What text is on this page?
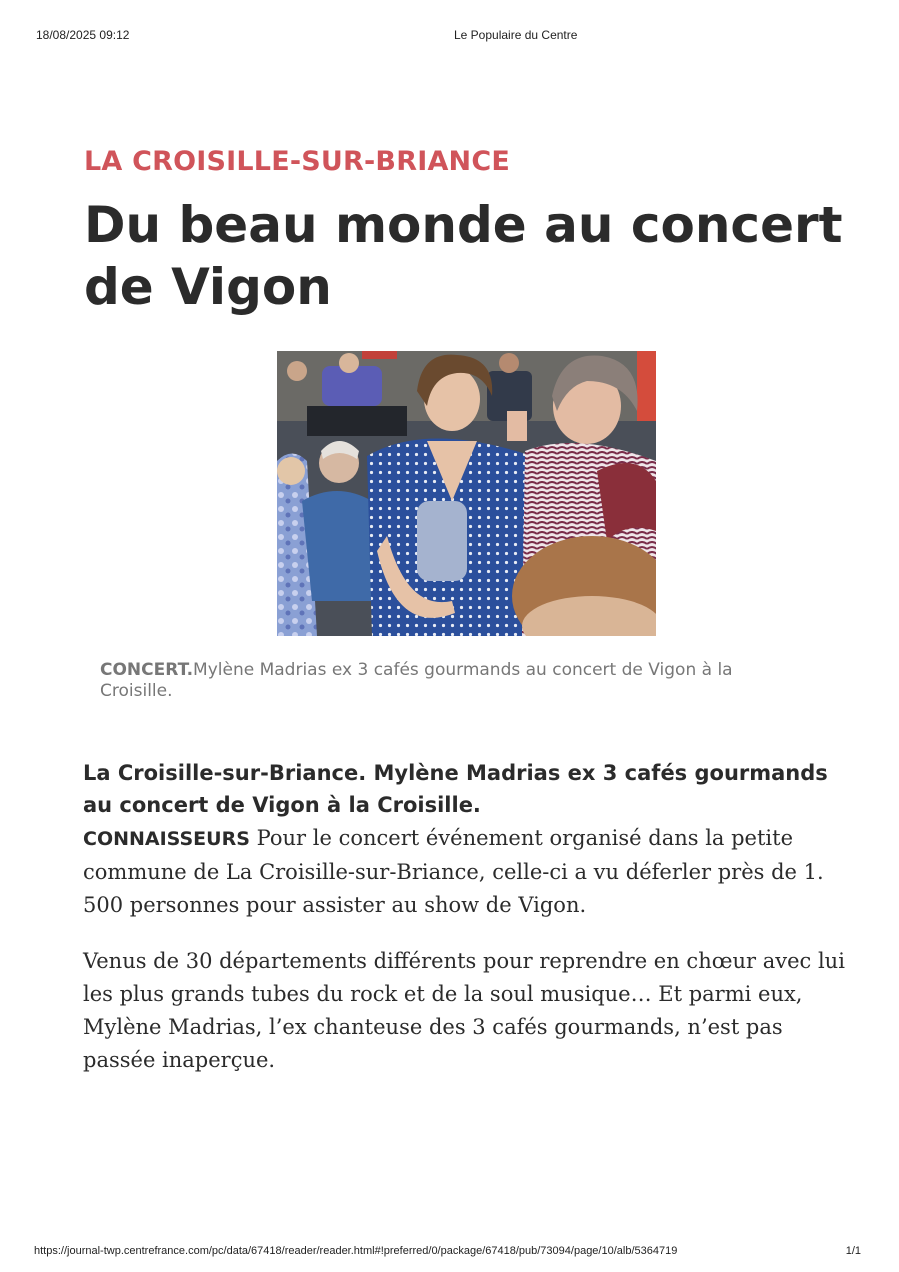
18/08/2025 09:12	Le Populaire du Centre
LA CROISILLE-SUR-BRIANCE
Du beau monde au concert de Vigon
CONCERT.Mylène Madrias ex 3 cafés gourmands au concert de Vigon à la Croisille.

La Croisille-sur-Briance. Mylène Madrias ex 3 cafés gourmands au concert de Vigon à la Croisille.

CONNAISSEURS Pour le concert événement organisé dans la petite commune de La Croisille-sur-Briance, celle-ci a vu déferler près de 1. 500 personnes pour assister au show de Vigon.

Venus de 30 départements différents pour reprendre en chœur avec lui les plus grands tubes du rock et de la soul musique… Et parmi eux, Mylène Madrias, l’ex chanteuse des 3 cafés gourmands, n’est pas passée inaperçue.

https://journal-twp.centrefrance.com/pc/data/67418/reader/reader.html#!preferred/0/package/67418/pub/73094/page/10/alb/5364719	1/1
